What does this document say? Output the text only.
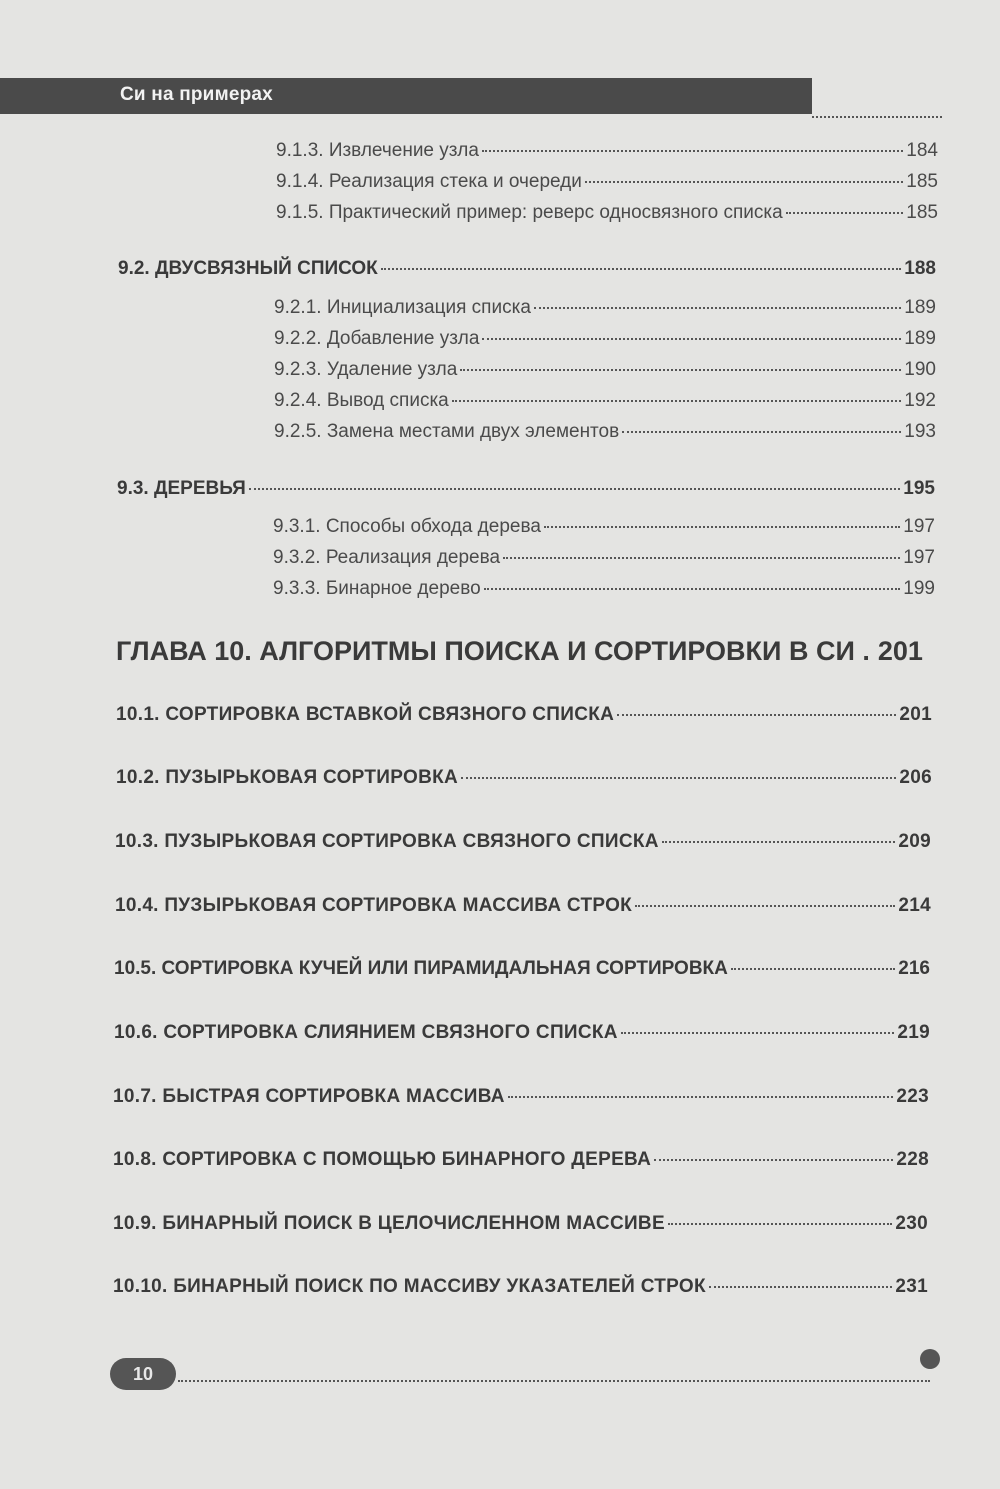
Си на примерах
9.1.3. Извлечение узла	184
9.1.4. Реализация стека и очереди	185
9.1.5. Практический пример: реверс односвязного списка	185
9.2. ДВУСВЯЗНЫЙ СПИСОК	188
9.2.1. Инициализация списка	189
9.2.2. Добавление узла	189
9.2.3. Удаление узла	190
9.2.4. Вывод списка	192
9.2.5. Замена местами двух элементов	193
9.3. ДЕРЕВЬЯ	195
9.3.1. Способы обхода дерева	197
9.3.2. Реализация дерева	197
9.3.3. Бинарное дерево	199
ГЛАВА 10. АЛГОРИТМЫ ПОИСКА И СОРТИРОВКИ В СИ . 201
10.1. СОРТИРОВКА ВСТАВКОЙ СВЯЗНОГО СПИСКА	201
10.2. ПУЗЫРЬКОВАЯ СОРТИРОВКА	206
10.3. ПУЗЫРЬКОВАЯ СОРТИРОВКА СВЯЗНОГО СПИСКА	209
10.4. ПУЗЫРЬКОВАЯ СОРТИРОВКА МАССИВА СТРОК	214
10.5. СОРТИРОВКА КУЧЕЙ ИЛИ ПИРАМИДАЛЬНАЯ СОРТИРОВКА	216
10.6. СОРТИРОВКА СЛИЯНИЕМ СВЯЗНОГО СПИСКА	219
10.7. БЫСТРАЯ СОРТИРОВКА МАССИВА	223
10.8. СОРТИРОВКА С ПОМОЩЬЮ БИНАРНОГО ДЕРЕВА	228
10.9. БИНАРНЫЙ ПОИСК В ЦЕЛОЧИСЛЕННОМ МАССИВЕ	230
10.10. БИНАРНЫЙ ПОИСК ПО МАССИВУ УКАЗАТЕЛЕЙ СТРОК	231
10
